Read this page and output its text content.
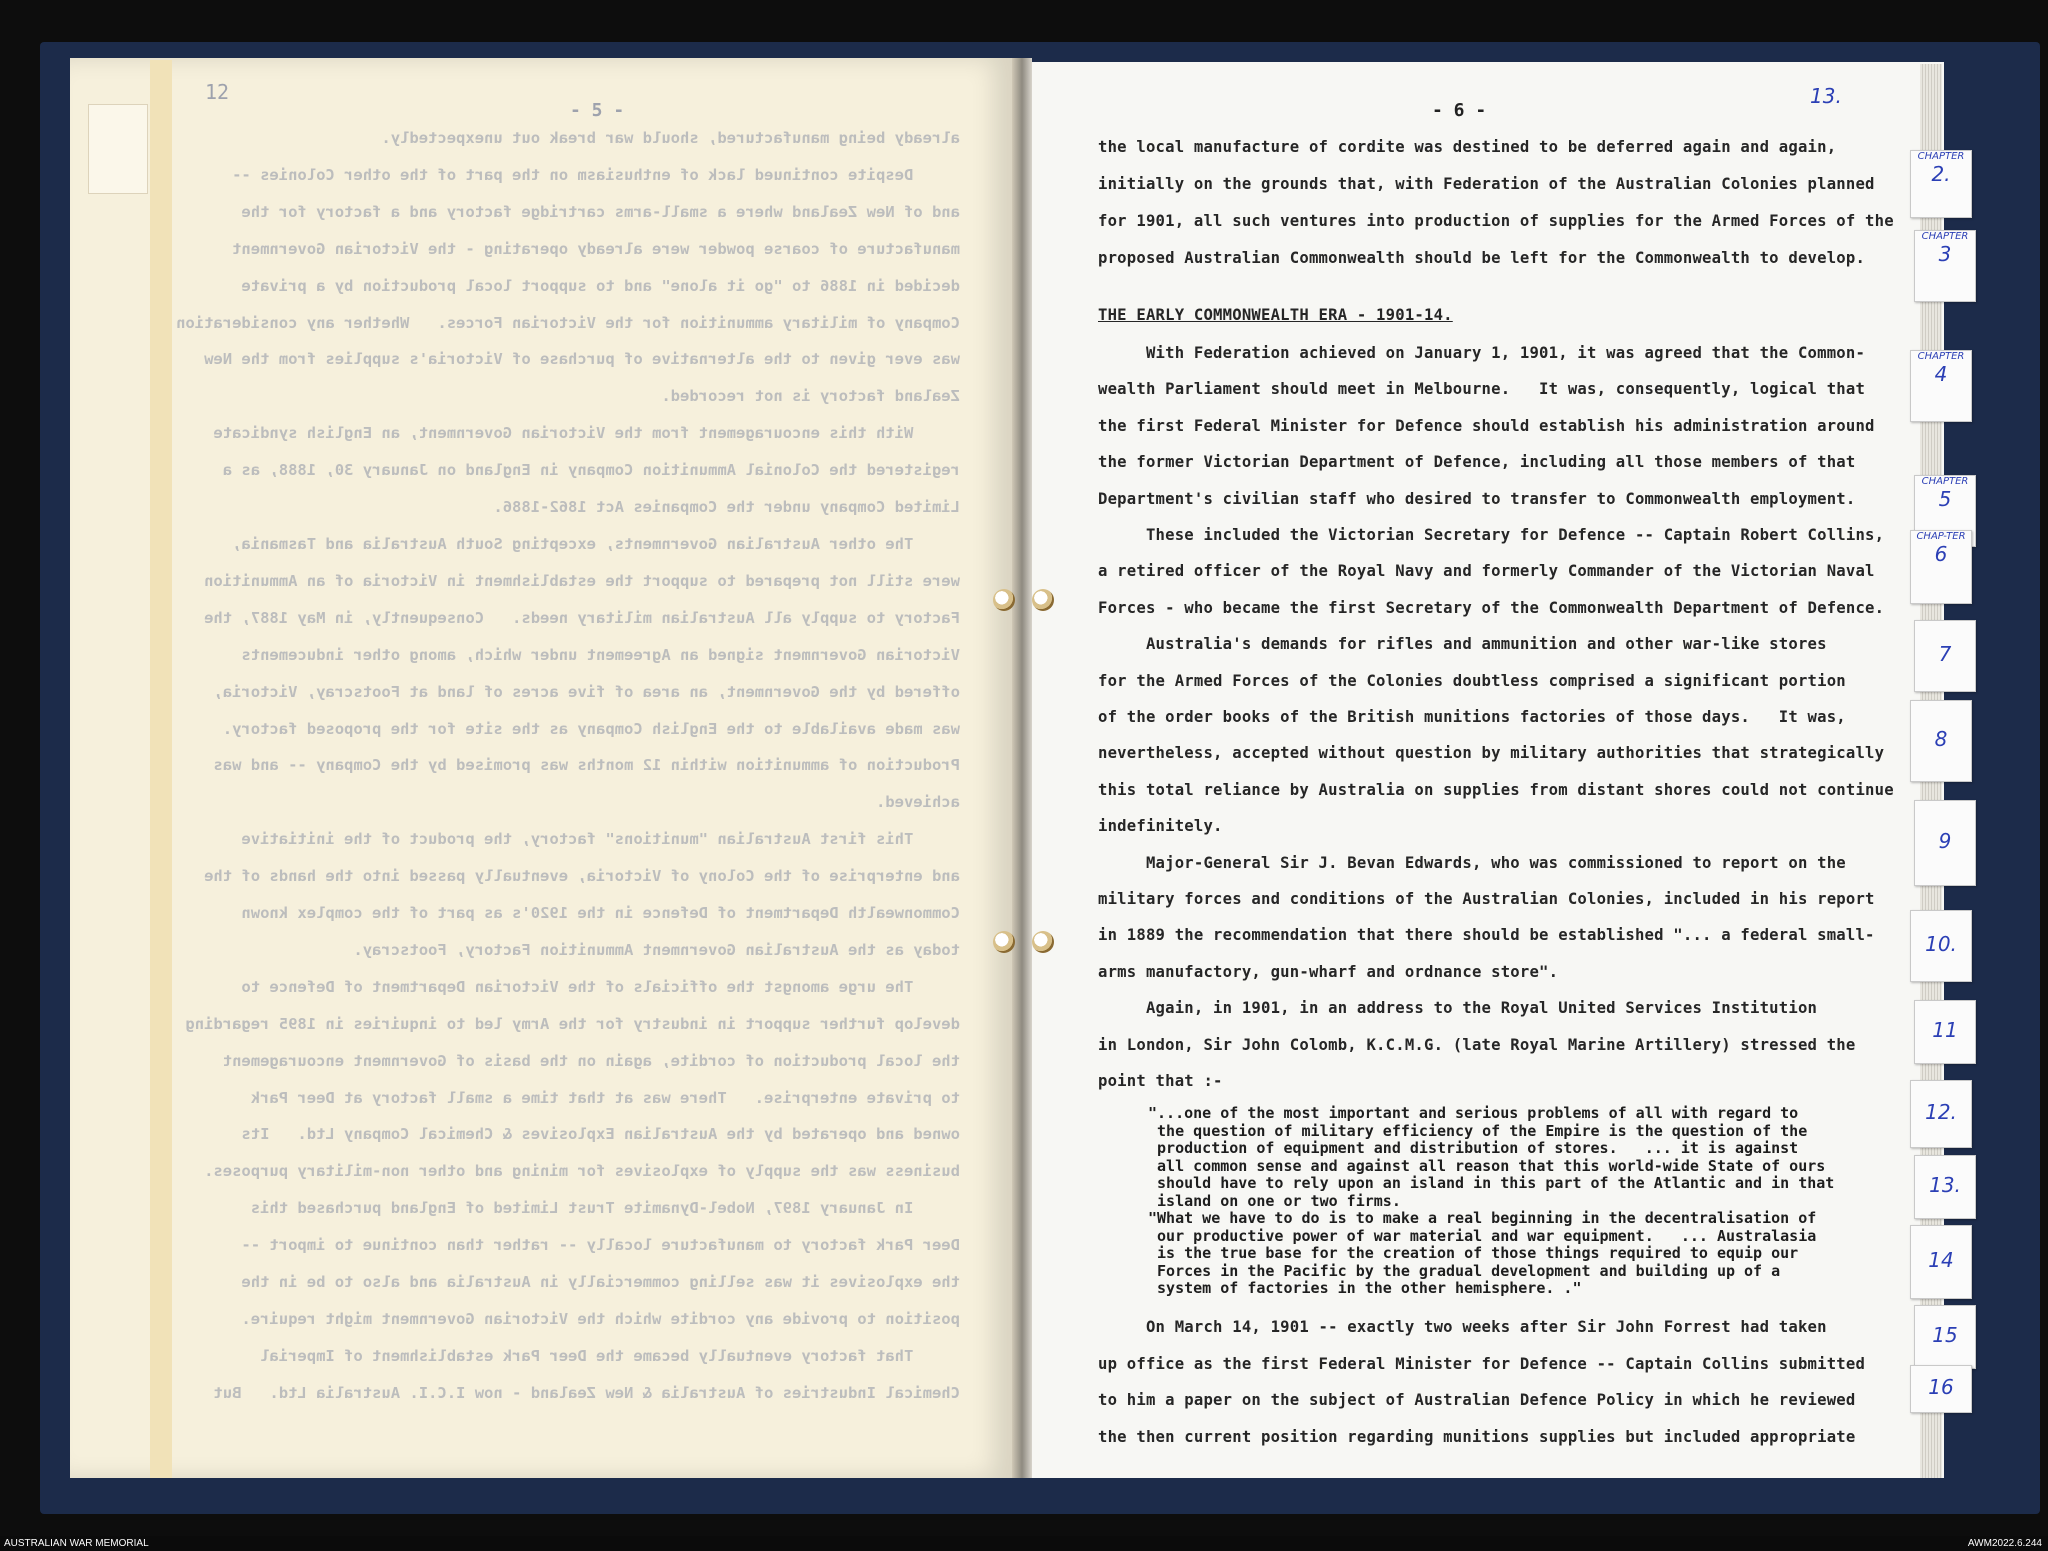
12
- 5 -
already being manufactured, should war break out unexpectedly.
Despite continued lack of enthusiasm on the part of the other Colonies --
and of New Zealand where a small-arms cartridge factory and a factory for the
manufacture of coarse powder were already operating - the Victorian Government
decided in 1886 to "go it alone" and to support local production by a private
Company of military ammunition for the Victorian Forces.   Whether any consideration
was ever given to the alternative of purchase of Victoria's supplies from the New
Zealand factory is not recorded.
With this encouragement from the Victorian Government, an English syndicate
registered the Colonial Ammunition Company in England on January 30, 1888, as a
Limited Company under the Companies Act 1862-1886.
The other Australian Governments, excepting South Australia and Tasmania,
were still not prepared to support the establishment in Victoria of an Ammunition
Factory to supply all Australian military needs.   Consequently, in May 1887, the
Victorian Government signed an Agreement under which, among other inducements
offered by the Government, an area of five acres of land at Footscray, Victoria,
was made available to the English Company as the site for the proposed factory.
Production of ammunition within 12 months was promised by the Company -- and was
achieved.
This first Australian "munitions" factory, the product of the initiative
and enterprise of the Colony of Victoria, eventually passed into the hands of the
Commonwealth Department of Defence in the 1920's as part of the complex known
today as the Australian Government Ammunition Factory, Footscray.
The urge amongst the officials of the Victorian Department of Defence to
develop further support in industry for the Army led to inquiries in 1895 regarding
the local production of cordite, again on the basis of Government encouragement
to private enterprise.   There was at that time a small factory at Deer Park
owned and operated by the Australian Explosives & Chemical Company Ltd.   Its
business was the supply of explosives for mining and other non-military purposes.
In January 1897, Nobel-Dynamite Trust Limited of England purchased this
Deer Park factory to manufacture locally -- rather than continue to import --
the explosives it was selling commercially in Australia and also to be in the
position to provide any cordite which the Victorian Government might require.
That factory eventually became the Deer Park establishment of Imperial
Chemical Industries of Australia & New Zealand - now I.C.I. Australia Ltd.   But
- 6 -
13.
the local manufacture of cordite was destined to be deferred again and again,
initially on the grounds that, with Federation of the Australian Colonies planned
for 1901, all such ventures into production of supplies for the Armed Forces of the
proposed Australian Commonwealth should be left for the Commonwealth to develop.
THE EARLY COMMONWEALTH ERA - 1901-14.
With Federation achieved on January 1, 1901, it was agreed that the Common-
wealth Parliament should meet in Melbourne.   It was, consequently, logical that
the first Federal Minister for Defence should establish his administration around
the former Victorian Department of Defence, including all those members of that
Department's civilian staff who desired to transfer to Commonwealth employment.
These included the Victorian Secretary for Defence -- Captain Robert Collins,
a retired officer of the Royal Navy and formerly Commander of the Victorian Naval
Forces - who became the first Secretary of the Commonwealth Department of Defence.
Australia's demands for rifles and ammunition and other war-like stores
for the Armed Forces of the Colonies doubtless comprised a significant portion
of the order books of the British munitions factories of those days.   It was,
nevertheless, accepted without question by military authorities that strategically
this total reliance by Australia on supplies from distant shores could not continue
indefinitely.
Major-General Sir J. Bevan Edwards, who was commissioned to report on the
military forces and conditions of the Australian Colonies, included in his report
in 1889 the recommendation that there should be established "... a federal small-
arms manufactory, gun-wharf and ordnance store".
Again, in 1901, in an address to the Royal United Services Institution
in London, Sir John Colomb, K.C.M.G. (late Royal Marine Artillery) stressed the
point that :-
On March 14, 1901 -- exactly two weeks after Sir John Forrest had taken
up office as the first Federal Minister for Defence -- Captain Collins submitted
to him a paper on the subject of Australian Defence Policy in which he reviewed
the then current position regarding munitions supplies but included appropriate
"...one of the most important and serious problems of all with regard to
the question of military efficiency of the Empire is the question of the
production of equipment and distribution of stores.   ... it is against
all common sense and against all reason that this world-wide State of ours
should have to rely upon an island in this part of the Atlantic and in that
island on one or two firms.
"What we have to do is to make a real beginning in the decentralisation of
our productive power of war material and war equipment.   ... Australasia
is the true base for the creation of those things required to equip our
Forces in the Pacific by the gradual development and building up of a
system of factories in the other hemisphere. ."
CHAPTER
2.
CHAPTER
3
CHAPTER
4
CHAPTER
5
CHAP-TER
6
7
8
9
10.
11
12.
13.
14
15
16
AUSTRALIAN WAR MEMORIAL	AWM2022.6.244
